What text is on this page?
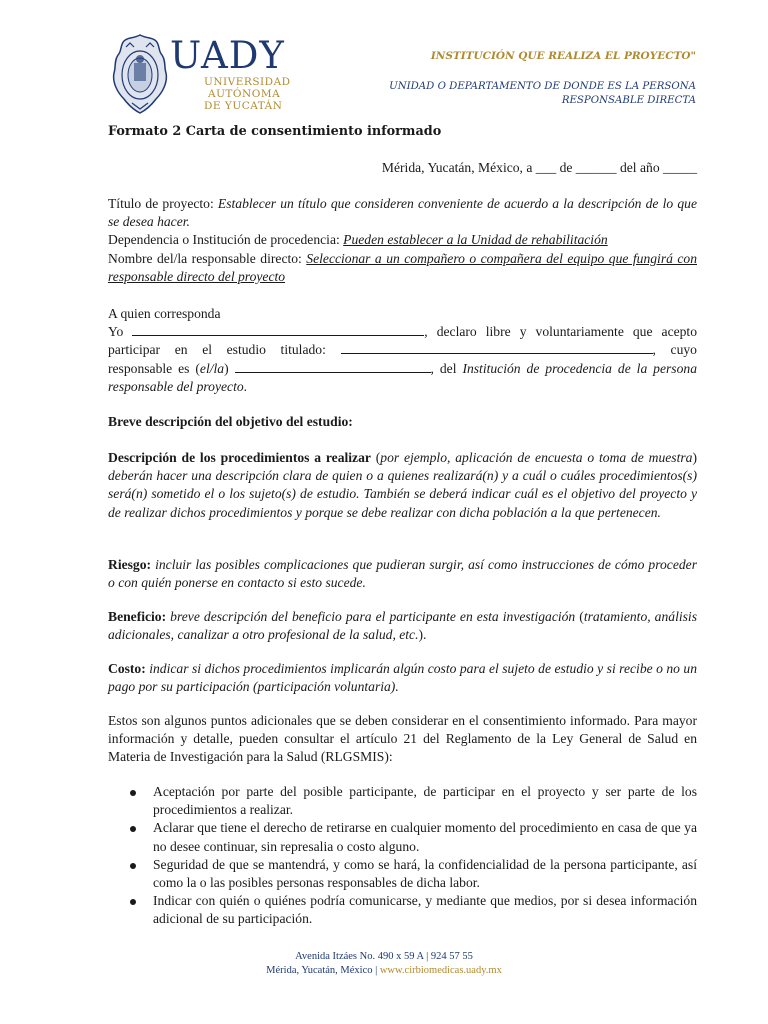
UADY
UNIVERSIDAD
AUTÓNOMA
DE YUCATÁN
INSTITUCIÓN QUE REALIZA EL PROYECTO"
UNIDAD O DEPARTAMENTO DE DONDE ES LA PERSONA
RESPONSABLE DIRECTA
Formato 2 Carta de consentimiento informado
Mérida, Yucatán, México, a ___ de ______ del año _____
Título de proyecto: Establecer un título que consideren conveniente de acuerdo a la descripción de lo que se desea hacer.
Dependencia o Institución de procedencia: Pueden establecer a la Unidad de rehabilitación
Nombre del/la responsable directo: Seleccionar a un compañero o compañera del equipo que fungirá con responsable directo del proyecto
A quien corresponda
Yo	, declaro libre y voluntariamente que acepto participar en el estudio titulado:	, cuyo responsable es (el/la)	, del Institución de procedencia de la persona responsable del proyecto.
Breve descripción del objetivo del estudio:
Descripción de los procedimientos a realizar (por ejemplo, aplicación de encuesta o toma de muestra) deberán hacer una descripción clara de quien o a quienes realizará(n) y a cuál o cuáles procedimientos(s) será(n) sometido el o los sujeto(s) de estudio. También se deberá indicar cuál es el objetivo del proyecto y de realizar dichos procedimientos y porque se debe realizar con dicha población a la que pertenecen.
Riesgo: incluir las posibles complicaciones que pudieran surgir, así como instrucciones de cómo proceder o con quién ponerse en contacto si esto sucede.
Beneficio: breve descripción del beneficio para el participante en esta investigación (tratamiento, análisis adicionales, canalizar a otro profesional de la salud, etc.).
Costo: indicar si dichos procedimientos implicarán algún costo para el sujeto de estudio y si recibe o no un pago por su participación (participación voluntaria).
Estos son algunos puntos adicionales que se deben considerar en el consentimiento informado. Para mayor información y detalle, pueden consultar el artículo 21 del Reglamento de la Ley General de Salud en Materia de Investigación para la Salud (RLGSMIS):
Aceptación por parte del posible participante, de participar en el proyecto y ser parte de los procedimientos a realizar.
Aclarar que tiene el derecho de retirarse en cualquier momento del procedimiento en casa de que ya no desee continuar, sin represalia o costo alguno.
Seguridad de que se mantendrá, y como se hará, la confidencialidad de la persona participante, así como la o las posibles personas responsables de dicha labor.
Indicar con quién o quiénes podría comunicarse, y mediante que medios, por si desea información adicional de su participación.
Avenida Itzáes No. 490 x 59 A | 924 57 55
Mérida, Yucatán, México | www.cirbiomedicas.uady.mx
